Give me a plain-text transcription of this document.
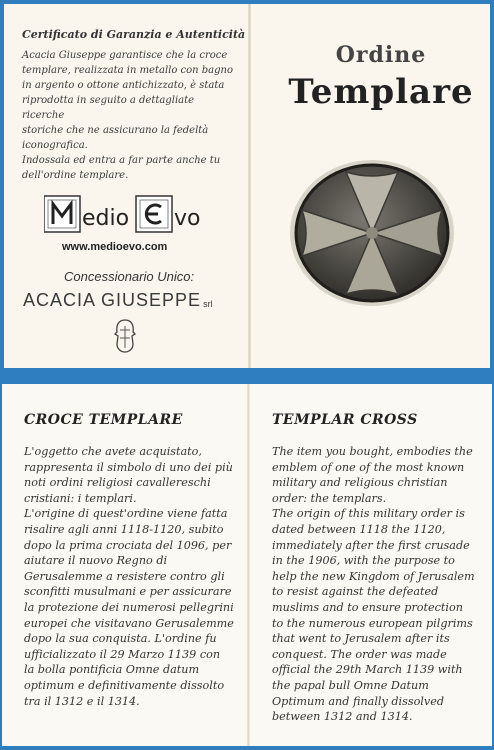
Certificato di Garanzia e Autenticità
Acacia Giuseppe garantisce che la croce
templare, realizzata in metallo con bagno
in argento o ottone antichizzato, è stata
riprodotta in seguito a dettagliate ricerche
storiche che ne assicurano la fedeltà
iconografica.
Indossala ed entra a far parte anche tu
dell'ordine templare.
edio vo
www.medioevo.com
Concessionario Unico:
ACACIA GIUSEPPE srl
Ordine
Templare
CROCE TEMPLARE
L'oggetto che avete acquistato,
rappresenta il simbolo di uno dei più
noti ordini religiosi cavallereschi
cristiani: i templari.
L'origine di quest'ordine viene fatta
risalire agli anni 1118-1120, subito
dopo la prima crociata del 1096, per
aiutare il nuovo Regno di
Gerusalemme a resistere contro gli
sconfitti musulmani e per assicurare
la protezione dei numerosi pellegrini
europei che visitavano Gerusalemme
dopo la sua conquista. L'ordine fu
ufficializzato il 29 Marzo 1139 con
la bolla pontificia Omne datum
optimum e definitivamente dissolto
tra il 1312 e il 1314.
TEMPLAR CROSS
The item you bought, embodies the
emblem of one of the most known
military and religious christian
order: the templars.
The origin of this military order is
dated between 1118 the 1120,
immediately after the first crusade
in the 1906, with the purpose to
help the new Kingdom of Jerusalem
to resist against the defeated
muslims and to ensure protection
to the numerous european pilgrims
that went to Jerusalem after its
conquest. The order was made
official the 29th March 1139 with
the papal bull Omne Datum
Optimum and finally dissolved
between 1312 and 1314.
